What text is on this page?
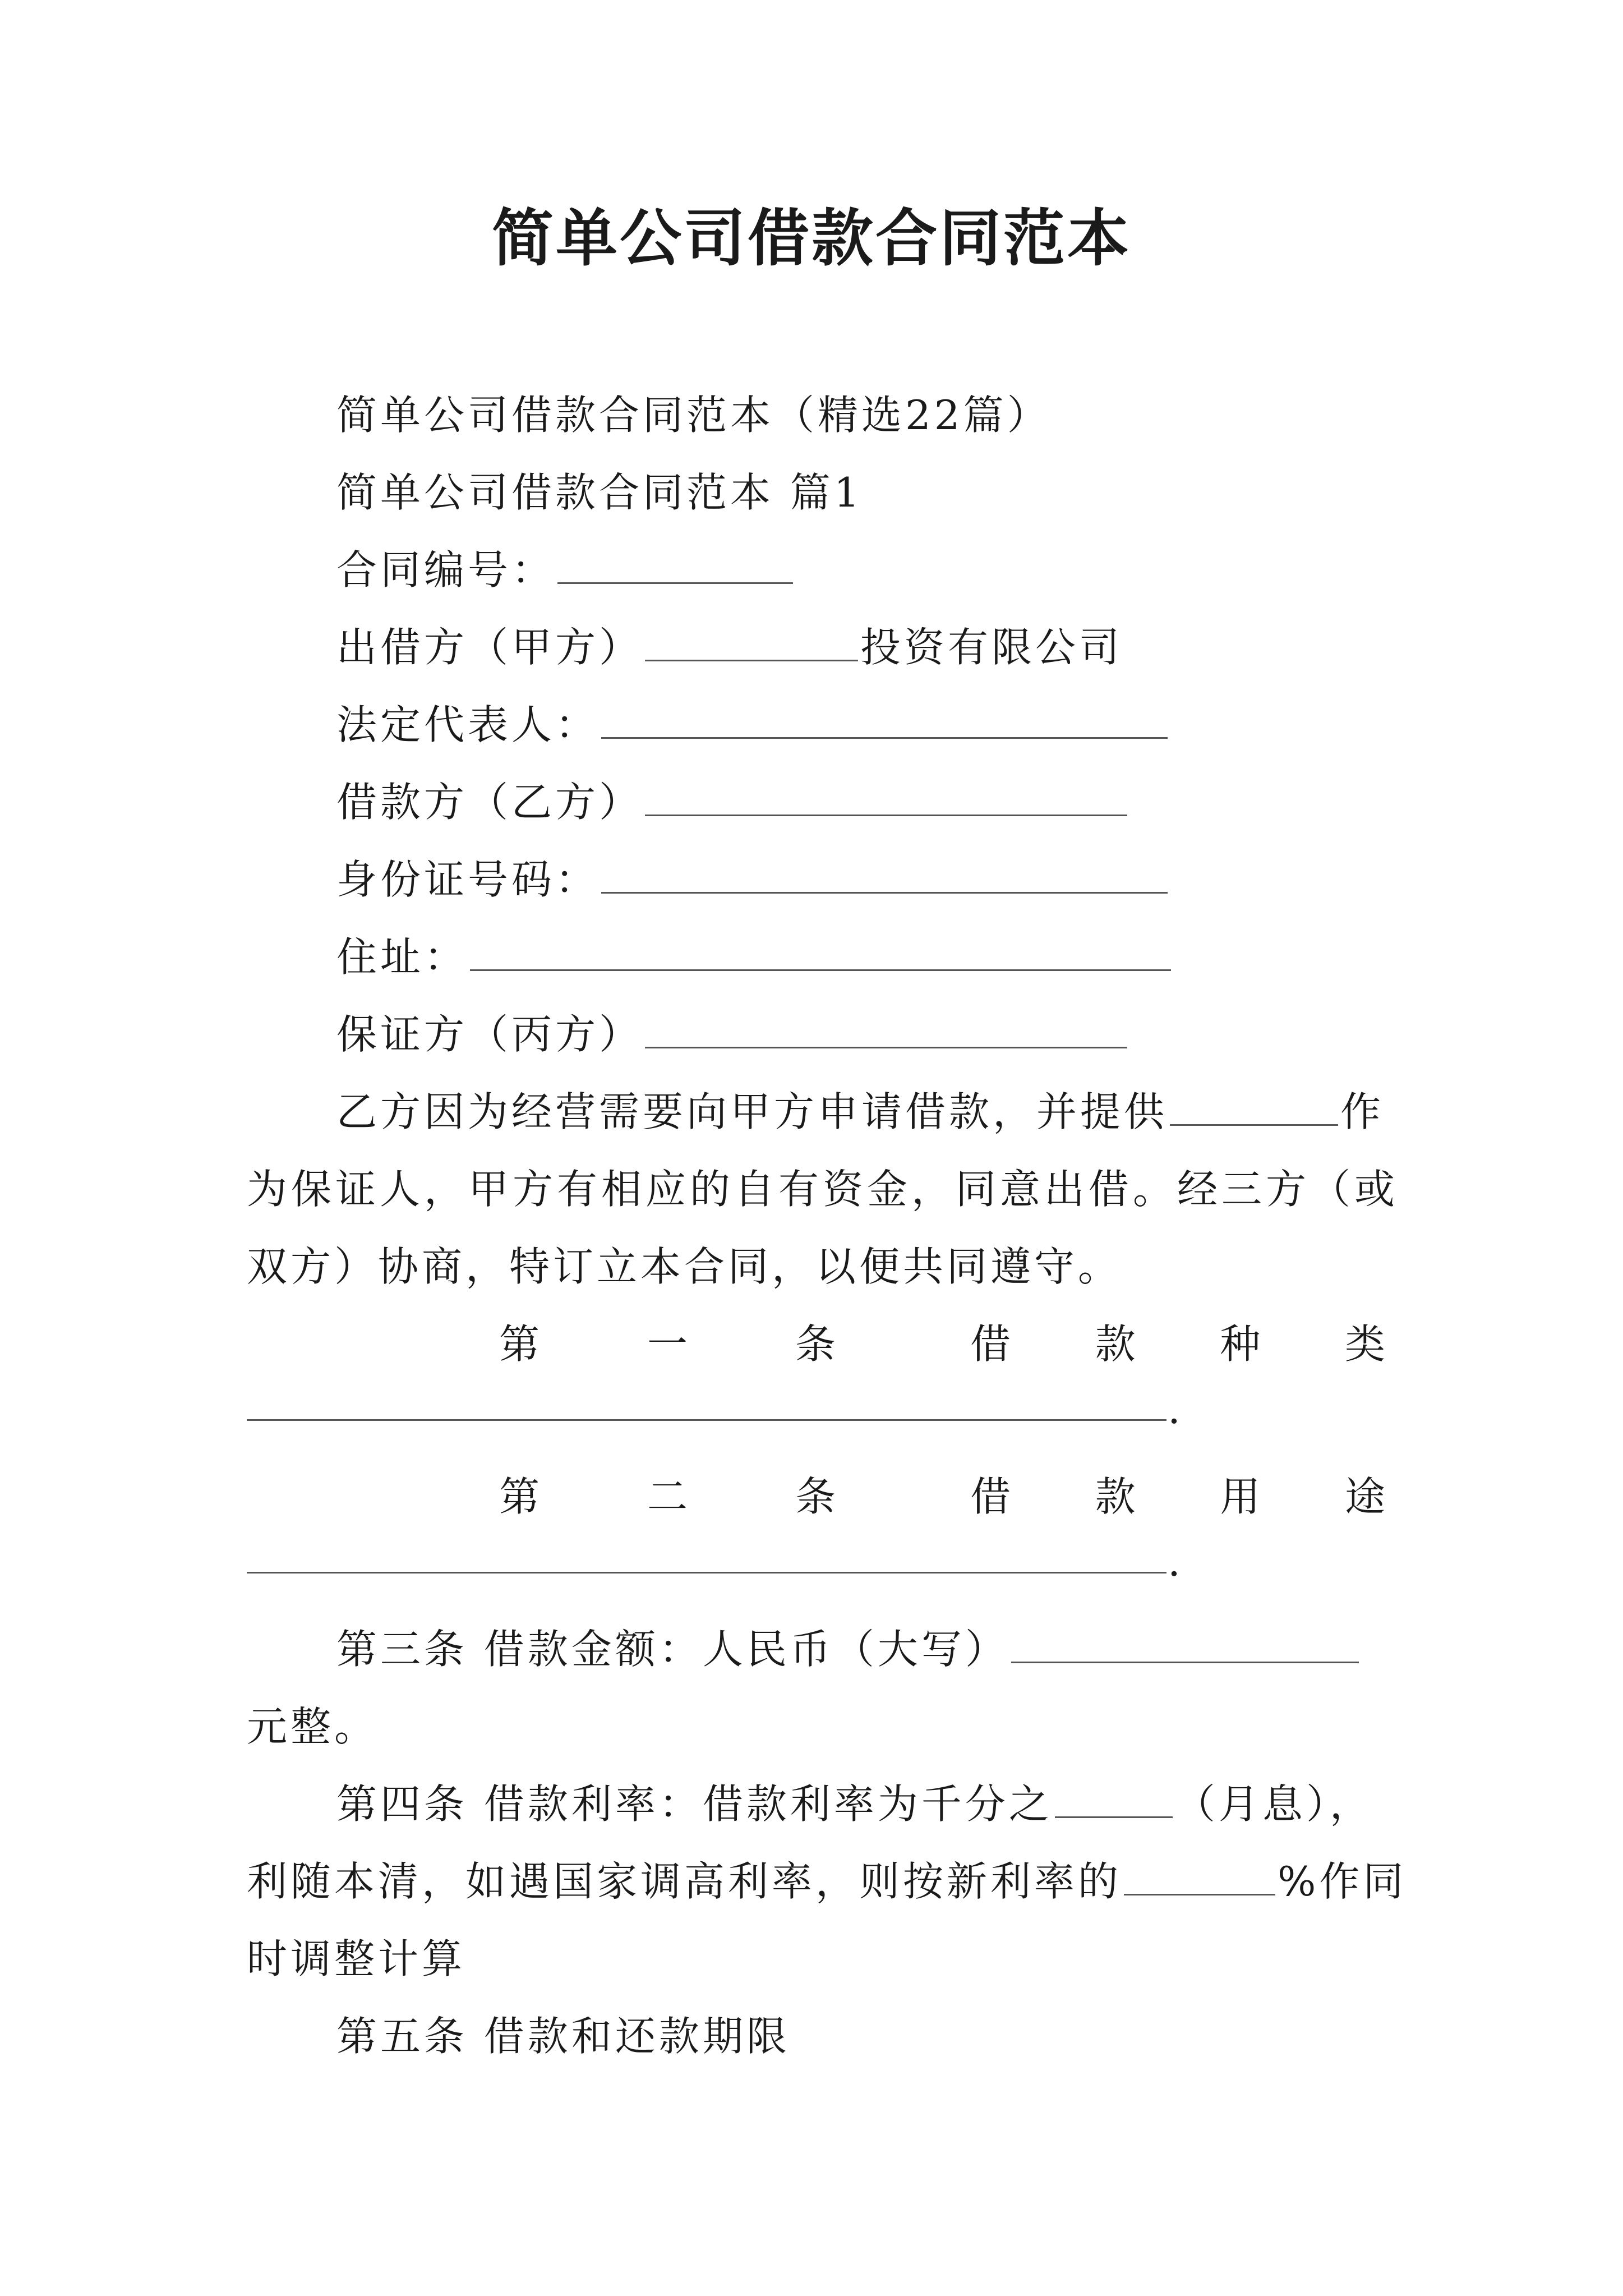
简单公司借款合同范本
简单公司借款合同范本（精选22篇）
简单公司借款合同范本 篇1
合同编号：
出借方（甲方）	投资有限公司
法定代表人：
借款方（乙方）
身份证号码：
住址：
保证方（丙方）
乙方因为经营需要向甲方申请借款，并提供	作
为保证人，甲方有相应的自有资金，同意出借。经三方（或
双方）协商，特订立本合同，以便共同遵守。
第	一	条	借 款 种 类
.
第	二	条	借 款 用 途
.
第三条 借款金额：人民币（大写）
元整。
第四条 借款利率：借款利率为千分之	（月息），
利随本清，如遇国家调高利率，则按新利率的	%作同
时调整计算
第五条 借款和还款期限
